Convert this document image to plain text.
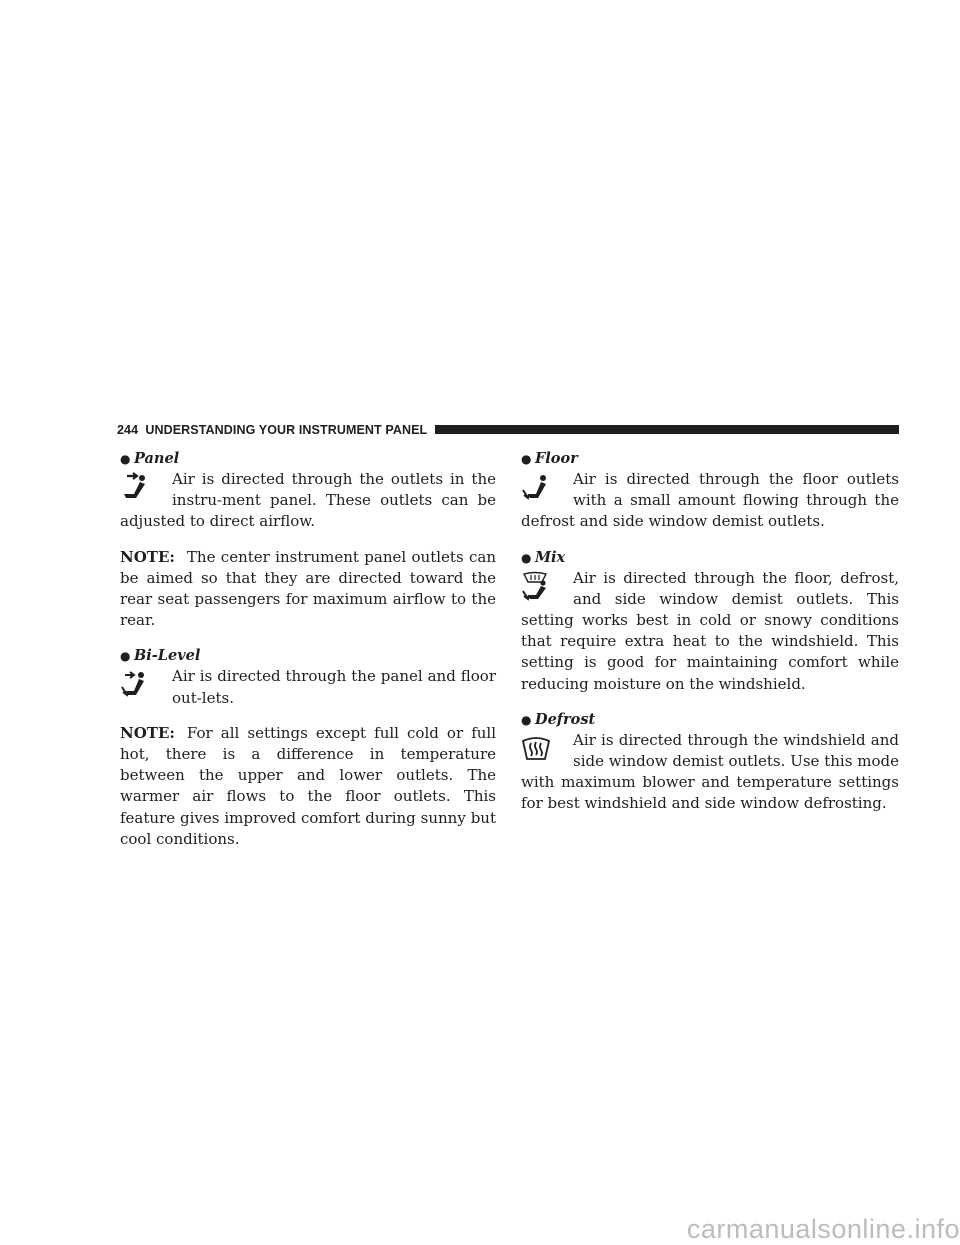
244 UNDERSTANDING YOUR INSTRUMENT PANEL
● Panel
Air is directed through the outlets in the instru-ment panel. These outlets can be adjusted to direct airflow.
NOTE: The center instrument panel outlets can be aimed so that they are directed toward the rear seat passengers for maximum airflow to the rear.
● Bi-Level
Air is directed through the panel and floor out-lets.
NOTE: For all settings except full cold or full hot, there is a difference in temperature between the upper and lower outlets. The warmer air flows to the floor outlets. This feature gives improved comfort during sunny but cool conditions.
● Floor
Air is directed through the floor outlets with a small amount flowing through the defrost and side window demist outlets.
● Mix
Air is directed through the floor, defrost, and side window demist outlets. This setting works best in cold or snowy conditions that require extra heat to the windshield. This setting is good for maintaining comfort while reducing moisture on the windshield.
● Defrost
Air is directed through the windshield and side window demist outlets. Use this mode with maximum blower and temperature settings for best windshield and side window defrosting.
carmanualsonline.info
